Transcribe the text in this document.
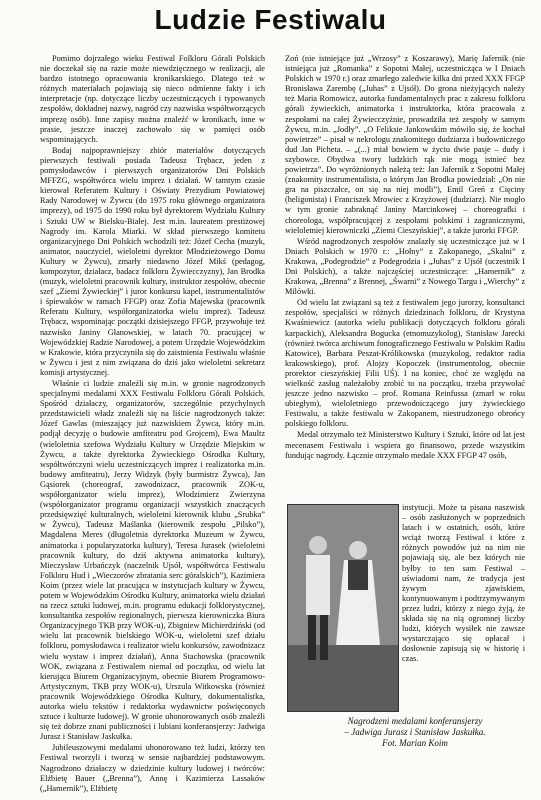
Ludzie Festiwalu

Pomimo dojrzałego wieku Festiwal Folkloru Górali Polskich nie doczekał się na razie może niewdzięcznego w realizacji, ale bardzo istotnego opracowania kronikarskiego. Dlatego też w różnych materiałach pojawiają się nieco odmienne fakty i ich interpretacje (np. dotyczące liczby uczestniczących i typowanych zespołów, dokładnej nazwy, nagród czy nazwiska współtworzących imprezę osób). Inne zapisy można znaleźć w kronikach, inne w prasie, jeszcze inaczej zachowało się w pamięci osób wspominających.

Bodaj najpoprawniejszy zbiór materiałów dotyczących pierwszych festiwali posiada Tadeusz Trębacz, jeden z pomysłodawców i pierwszych organizatorów Dni Polskich MFFZG, współtwórca wielu imprez i działań. W tamtym czasie kierował Referatem Kultury i Oświaty Prezydium Powiatowej Rady Narodowej w Żywcu (do 1975 roku głównego organizatora imprezy), od 1975 do 1990 roku był dyrektorem Wydziału Kultury i Sztuki UW w Bielsku-Białej. Jest m.in. laureatem prestiżowej Nagrody im. Karola Miarki. W skład pierwszego komitetu organizacyjnego Dni Polskich wchodzili też: Józef Cecha (muzyk, animator, nauczyciel, wieloletni dyrektor Młodzieżowego Domu Kultury w Żywcu), zmarły niedawno Józef Mikś (pedagog, kompozytor, działacz, badacz folkloru Żywiecczyzny), Jan Brodka (muzyk, wieloletni pracownik kultury, instruktor zespołów, obecnie szef „Ziemi Żywieckiej” i juror konkursu kapel, instrumentalistów i śpiewaków w ramach FFGP) oraz Zofia Majewska (pracownik Referatu Kultury, współorganizatorka wielu imprez). Tadeusz Trębacz, wspominając początki dzisiejszego FFGP, przywołuje też nazwisko Janiny Głanowskiej, w latach 70. pracującej w Wojewódzkiej Radzie Narodowej, a potem Urzędzie Wojewódzkim w Krakowie, która przyczyniła się do zaistnienia Festiwalu właśnie w Żywcu i jest z nim związana do dziś jako wieloletni sekretarz komisji artystycznej.

Właśnie ci ludzie znaleźli się m.in. w gronie nagrodzonych specjalnymi medalami XXX Festiwalu Folkloru Górali Polskich. Spośród działaczy, organizatorów, szczególnie przychylnych przedstawicieli władz znaleźli się na liście nagrodzonych także: Józef Gawlas (mieszający już nazwiskiem Żywca, który m.in. podjął decyzję o budowie amfiteatru pod Grojcem), Ewa Maultz (wieloletnia szefowa Wydziału Kultury w Urzędzie Miejskim w Żywcu, a także dyrektorka Żywieckiego Ośrodka Kultury, współtwórczyni wielu uczestniczących imprez i realizatorka m.in. budowy amfiteatru), Jerzy Widzyk (były burmistrz Żywca), Jan Gąsiorek (choreograf, zawodnizacz, pracownik ZOK-u, współorganizator wielu imprez), Włodzimierz Zwierzyna (współorganizator programu organizacji wszystkich znaczących przedsięwzięć kulturalnych, wieloletni kierownik klubu „Srubka” w Żywcu), Tadeusz Maślanka (kierownik zespołu „Pilsko”), Magdalena Meres (długoletnia dyrektorka Muzeum w Żywcu, animatorka i popularyzatorka kultury), Teresa Jurasek (wieloletni pracownik kultury, do dziś aktywna animatorka kultury), Mieczysław Urbańczyk (naczelnik Ujsół, współtwórca Festiwalu Folkloru Hud i „Wieczorów zbratania serc góralskich”), Kazimiera Koim (przez wiele lat pracująca w instytucjach kultury w Żywcu, potem w Wojewódzkim Ośrodku Kultury, animatorka wielu działań na rzecz sztuki ludowej, m.in. programu edukacji folklorystycznej, konsultantka zespołów regionalnych, pierwsza kierowniczka Biura Organizacyjnego TKB przy WOK-u), Zbigniew Michierdziński (od wielu lat pracownik bielskiego WOK-u, wieloletni szef działu folkloru, pomysłodawca i realizator wielu konkursów, zawodnizacz wielu wystaw i imprez działań), Anna Stachowska (pracownik WOK, związana z Festiwalem niemal od początku, od wielu lat kierująca Biurem Organizacyjnym, obecnie Biurem Programowo-Artystycznym, TKB przy WOK-u), Urszula Witkowska (również pracownik Wojewódzkiego Ośrodka Kultury, dokumentalistka, autorka wielu tekstów i redaktorka wydawnictw poświęconych sztuce i kulturze ludowej). W gronie uhonorowanych osób znaleźli się też dobrze znani publiczności i lubiani konferansjerzy: Jadwiga Jurasz i Stanisław Jaskułka.

Jubileuszowymi medalami uhonorowano też ludzi, którzy ten Festiwal tworzyli i tworzą w sensie najbardziej podstawowym. Nagrodzono działaczy w dziedzinie kultury ludowej i twórców: Elżbietę Bauer („Brenna”), Annę i Kazimierza Lassaków („Hamernik”), Elżbietę

Zoń (nie istniejące już „Wrzosy” z Koszarawy), Marię Jafernik (nie istniejąca już „Romanka” z Sopotni Małej, uczestnicząca w I Dniach Polskich w 1970 r.) oraz zmarłego zaledwie kilka dni przed XXX FFGP Bronisława Zarembę („Juhas” z Ujsół). Do grona nieżyjących należy też Maria Romowicz, autorka fundamentalnych prac z zakresu folkloru górali żywieckich, animatorka i instruktorka, która pracowała z zespołami na całej Żywiecczyźnie, prowadziła też zespoły w samym Żywcu, m.in. „Jodły”. „O Feliksie Jankowskim mówiło się, że kochał powietrze” – pisał w nekrologu znakomitego dudziarza i budowniczego dud Jan Picheta. – „(...) miał bowiem w życiu dwie pasje – dudy i szybowce. Obydwa twory ludzkich rąk nie mogą istnieć bez powietrza”. Do wyróżnionych należą też: Jan Jafernik z Sopotni Małej (znakomity instrumentalista, o którym Jan Brodka powiedział: „On nie gra na piszczałce, on się na niej modli”), Emil Greń z Cięciny (heligonista) i Franciszek Mrowiec z Krzyżowej (dudziarz). Nie mogło w tym gronie zabraknąć Janiny Marcinkowej – choreografki i choreologa, współpracującej z zespołami polskimi i zagranicznymi, wieloletniej kierowniczki „Ziemi Cieszyńskiej”, a także jurorki FFGP.

Wśród nagrodzonych zespołów znalazły się uczestniczące już w I Dniach Polskich w 1970 r.: „Hołny” z Zakopanego, „Skalni” z Krakowa, „Podegrodzie” z Podegrodzia i „Juhas” z Ujsół (uczestnik I Dni Polskich), a także najczęściej uczestniczące: „Hamernik” z Krakowa, „Brenna” z Brennej, „Śwarni” z Nowego Targu i „Wierchy” z Milówki.

Od wielu lat związani są też z festiwalem jego jurorzy, konsultanci zespołów, specjaliści w różnych dziedzinach folkloru, dr Krystyna Kwaśniewicz (autorka wielu publikacji dotyczących folkloru górali karpackich), Aleksandra Bogucka (etnomuzykolog), Stanisław Jarecki (również twórca archiwum fonograficznego Festiwalu w Polskim Radiu Katowice), Barbara Peszat-Królikowska (muzykolog, redaktor radia krakowskiego), prof. Alojzy Kopoczek (instrumentolog, obecnie prorektor cieszyńskiej Filii UŚ). I na koniec, choć ze względu na wielkość zasług należałoby zrobić to na początku, trzeba przywołać jeszcze jedno nazwisko – prof. Romana Reinfussa (zmarł w roku ubiegłym), wieloletniego przewodniczącego jury żywieckiego Festiwalu, a także festiwalu w Zakopanem, niestrudzonego obrońcy polskiego folkloru.

Medal otrzymało też Ministerstwo Kultury i Sztuki, które od lat jest mecenasem Festiwalu i wspiera go finansowo, przede wszystkim fundując nagrody. Łącznie otrzymało medale XXX FFGP 47 osób,

instytucji. Może ta pisana naszwisk – osób zasłużonych w poprzednich latach i w ostatnich, osób, które wciąż tworzą Festiwal i które z różnych powodów już na nim nie pojawiają się, ale bez których nie byłby to ten sam Festiwal – uświadomi nam, że tradycja jest żywym zjawiskiem, kontynuowanym i podtrzymywanym przez ludzi, którzy z niego żyją, że składa się na nią ogromnej liczby ludzi, których wysiłek nie zawsze wystarczająco się opłacał i dosłownie zapisują się w historię i czas.

Nagrodzeni medalami konferansjerzy
– Jadwiga Jurasz i Stanisław Jaskułka.
Fot. Marian Koim
